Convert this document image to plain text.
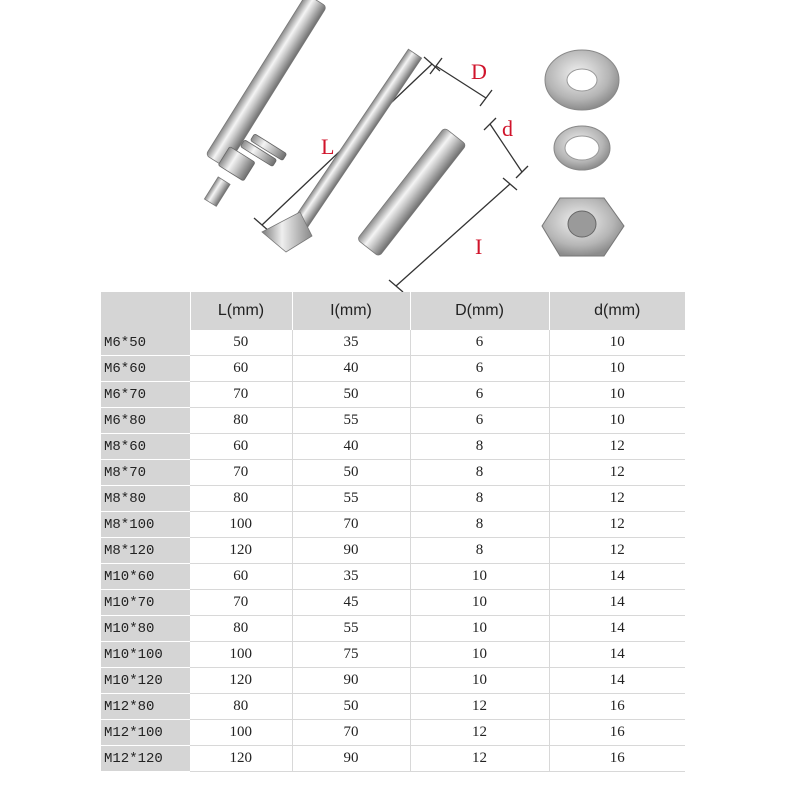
L
D
d
I
	L(mm)	I(mm)	D(mm)	d(mm)
M6*50	50	35	6	10
M6*60	60	40	6	10
M6*70	70	50	6	10
M6*80	80	55	6	10
M8*60	60	40	8	12
M8*70	70	50	8	12
M8*80	80	55	8	12
M8*100	100	70	8	12
M8*120	120	90	8	12
M10*60	60	35	10	14
M10*70	70	45	10	14
M10*80	80	55	10	14
M10*100	100	75	10	14
M10*120	120	90	10	14
M12*80	80	50	12	16
M12*100	100	70	12	16
M12*120	120	90	12	16
